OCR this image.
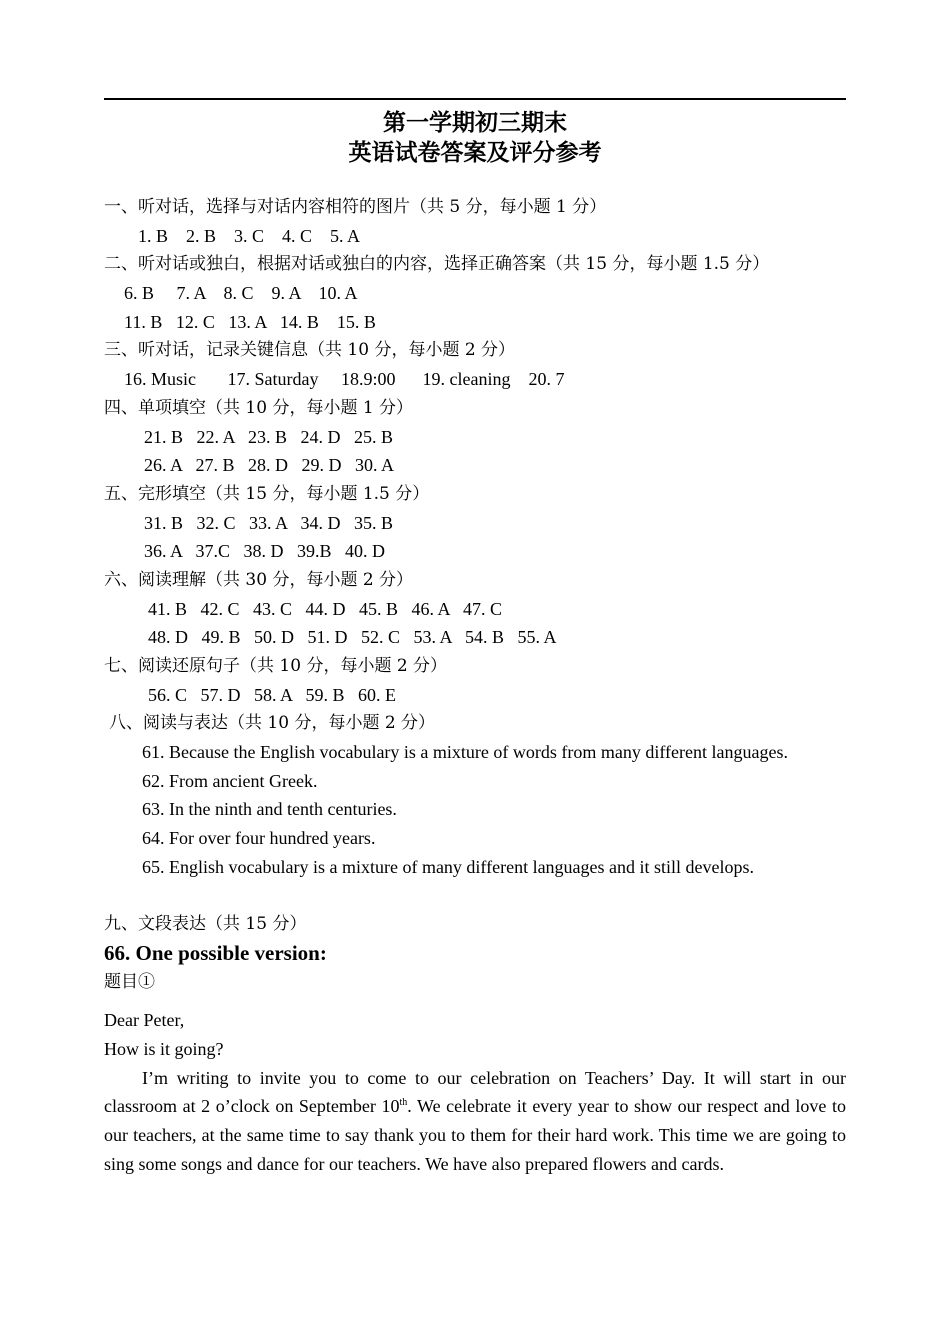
第一学期初三期末
英语试卷答案及评分参考
一、听对话，选择与对话内容相符的图片（共 5 分，每小题 1 分）
1. B    2. B    3. C    4. C    5. A
二、听对话或独白，根据对话或独白的内容，选择正确答案（共 15 分，每小题 1.5 分）
6. B     7. A    8. C    9. A    10. A
11. B   12. C   13. A   14. B    15. B
三、听对话，记录关键信息（共 10 分，每小题 2 分）
16. Music       17. Saturday     18.9:00      19. cleaning    20. 7
四、单项填空（共 10 分，每小题 1 分）
21. B   22. A   23. B   24. D   25. B
26. A   27. B   28. D   29. D   30. A
五、完形填空（共 15 分，每小题 1.5 分）
31. B   32. C   33. A   34. D   35. B
36. A   37.C   38. D   39.B   40. D
六、阅读理解（共 30 分，每小题 2 分）
41. B   42. C   43. C   44. D   45. B   46. A   47. C
48. D   49. B   50. D   51. D   52. C   53. A   54. B   55. A
七、阅读还原句子（共 10 分，每小题 2 分）
56. C   57. D   58. A   59. B   60. E
八、阅读与表达（共 10 分，每小题 2 分）
61. Because the English vocabulary is a mixture of words from many different languages.
62. From ancient Greek.
63. In the ninth and tenth centuries.
64. For over four hundred years.
65. English vocabulary is a mixture of many different languages and it still develops.
九、文段表达（共 15 分）
66. One possible version:
题目①
Dear Peter,
How is it going?

I’m writing to invite you to come to our celebration on Teachers’ Day. It will start in our classroom at 2 o’clock on September 10th. We celebrate it every year to show our respect and love to our teachers, at the same time to say thank you to them for their hard work. This time we are going to sing some songs and dance for our teachers. We have also prepared flowers and cards.
